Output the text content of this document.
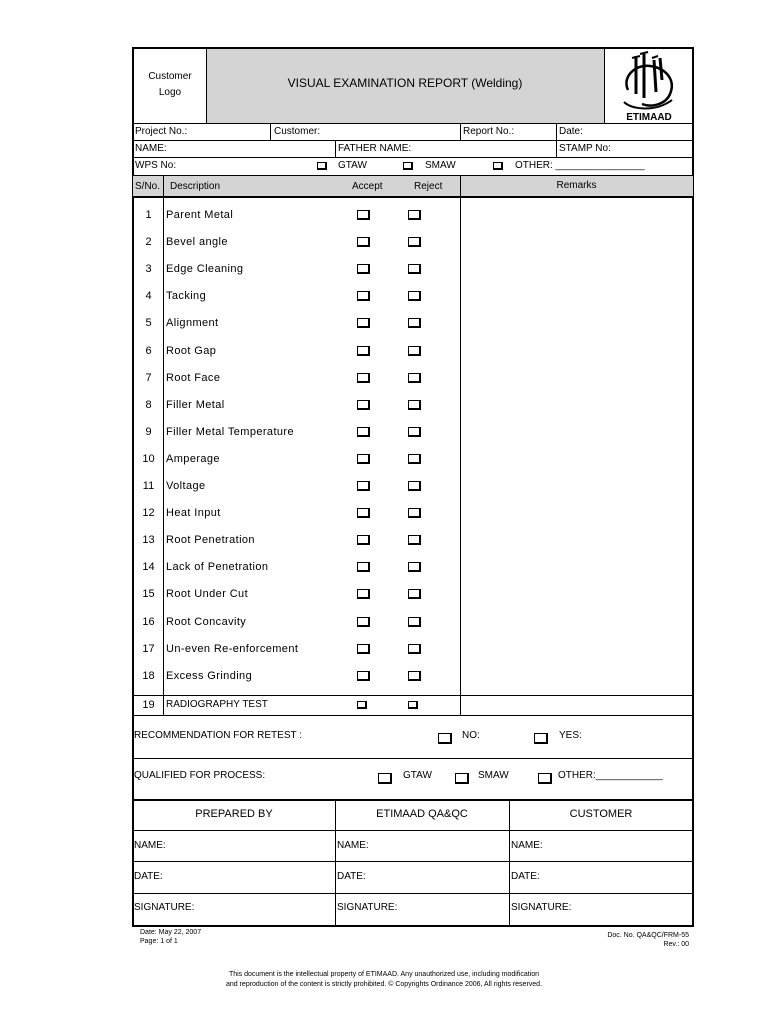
Customer
Logo
VISUAL EXAMINATION REPORT (Welding)
ETIMAAD
Project No.:	Customer:	Report No.:	Date:
NAME:	FATHER NAME:	STAMP No:
WPS No:	GTAW	SMAW	OTHER: ________________
S/No. Description	Accept	Reject	Remarks
1	Parent Metal
2	Bevel angle
3	Edge Cleaning
4	Tacking
5	Alignment
6	Root Gap
7	Root Face
8	Filler Metal
9	Filler Metal Temperature
10	Amperage
11	Voltage
12	Heat Input
13	Root Penetration
14	Lack of Penetration
15	Root Under Cut
16	Root Concavity
17	Un-even Re-enforcement
18	Excess Grinding
19	RADIOGRAPHY TEST
RECOMMENDATION FOR RETEST :	NO:	YES:
QUALIFIED FOR PROCESS:	GTAW	SMAW	OTHER:____________
PREPARED BY	ETIMAAD QA&QC	CUSTOMER
NAME:	NAME:	NAME:
DATE:	DATE:	DATE:
SIGNATURE:	SIGNATURE:	SIGNATURE:
Date: May 22, 2007
Page: 1 of 1
Doc. No. QA&QC/FRM-55
Rev.: 00
This document is the intellectual property of ETIMAAD. Any unauthorized use, including modification
and reproduction of the content is strictly prohibited. © Copyrights Ordinance 2006, All rights reserved.
